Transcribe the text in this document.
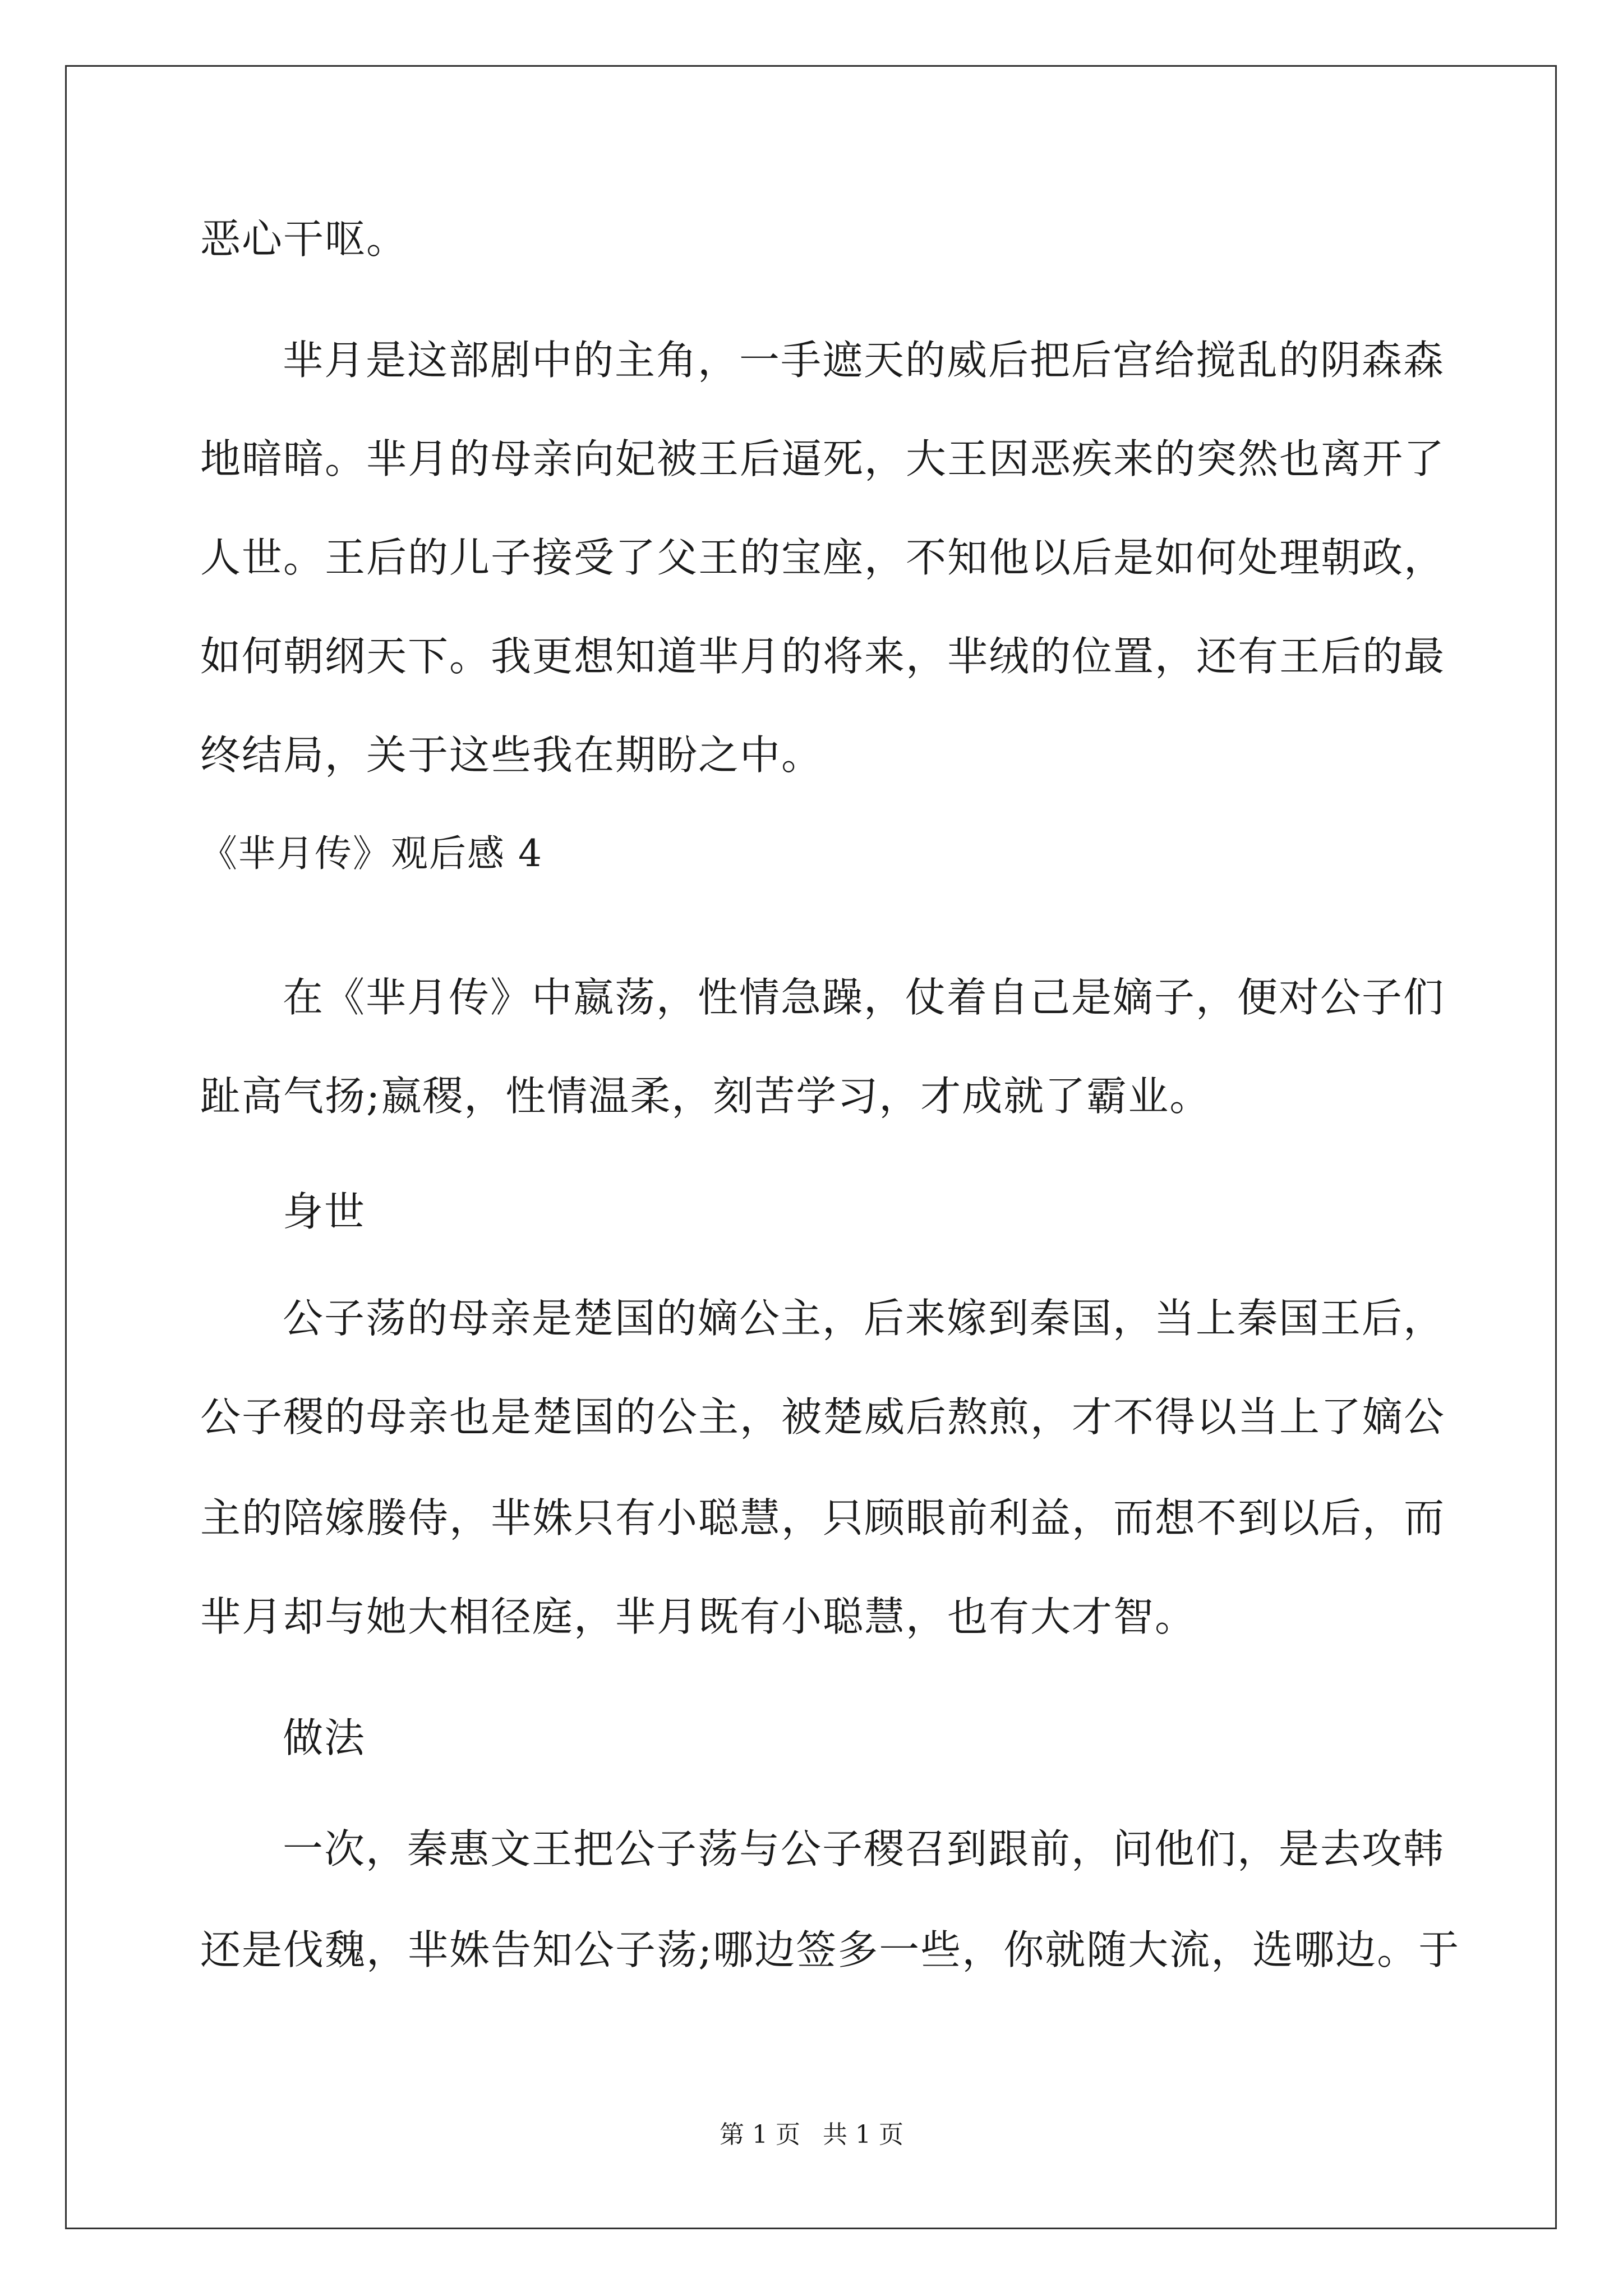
恶心干呕。
芈月是这部剧中的主角，一手遮天的威后把后宫给搅乱的阴森森
地暗暗。芈月的母亲向妃被王后逼死，大王因恶疾来的突然也离开了
人世。王后的儿子接受了父王的宝座，不知他以后是如何处理朝政，
如何朝纲天下。我更想知道芈月的将来，芈绒的位置，还有王后的最
终结局，关于这些我在期盼之中。
《芈月传》观后感 4
在《芈月传》中嬴荡，性情急躁，仗着自己是嫡子，便对公子们
趾高气扬;嬴稷，性情温柔，刻苦学习，才成就了霸业。
身世
公子荡的母亲是楚国的嫡公主，后来嫁到秦国，当上秦国王后，
公子稷的母亲也是楚国的公主，被楚威后熬煎，才不得以当上了嫡公
主的陪嫁媵侍，芈姝只有小聪慧，只顾眼前利益，而想不到以后，而
芈月却与她大相径庭，芈月既有小聪慧，也有大才智。
做法
一次，秦惠文王把公子荡与公子稷召到跟前，问他们，是去攻韩
还是伐魏，芈姝告知公子荡;哪边签多一些，你就随大流，选哪边。于
第 1 页 共 1 页
